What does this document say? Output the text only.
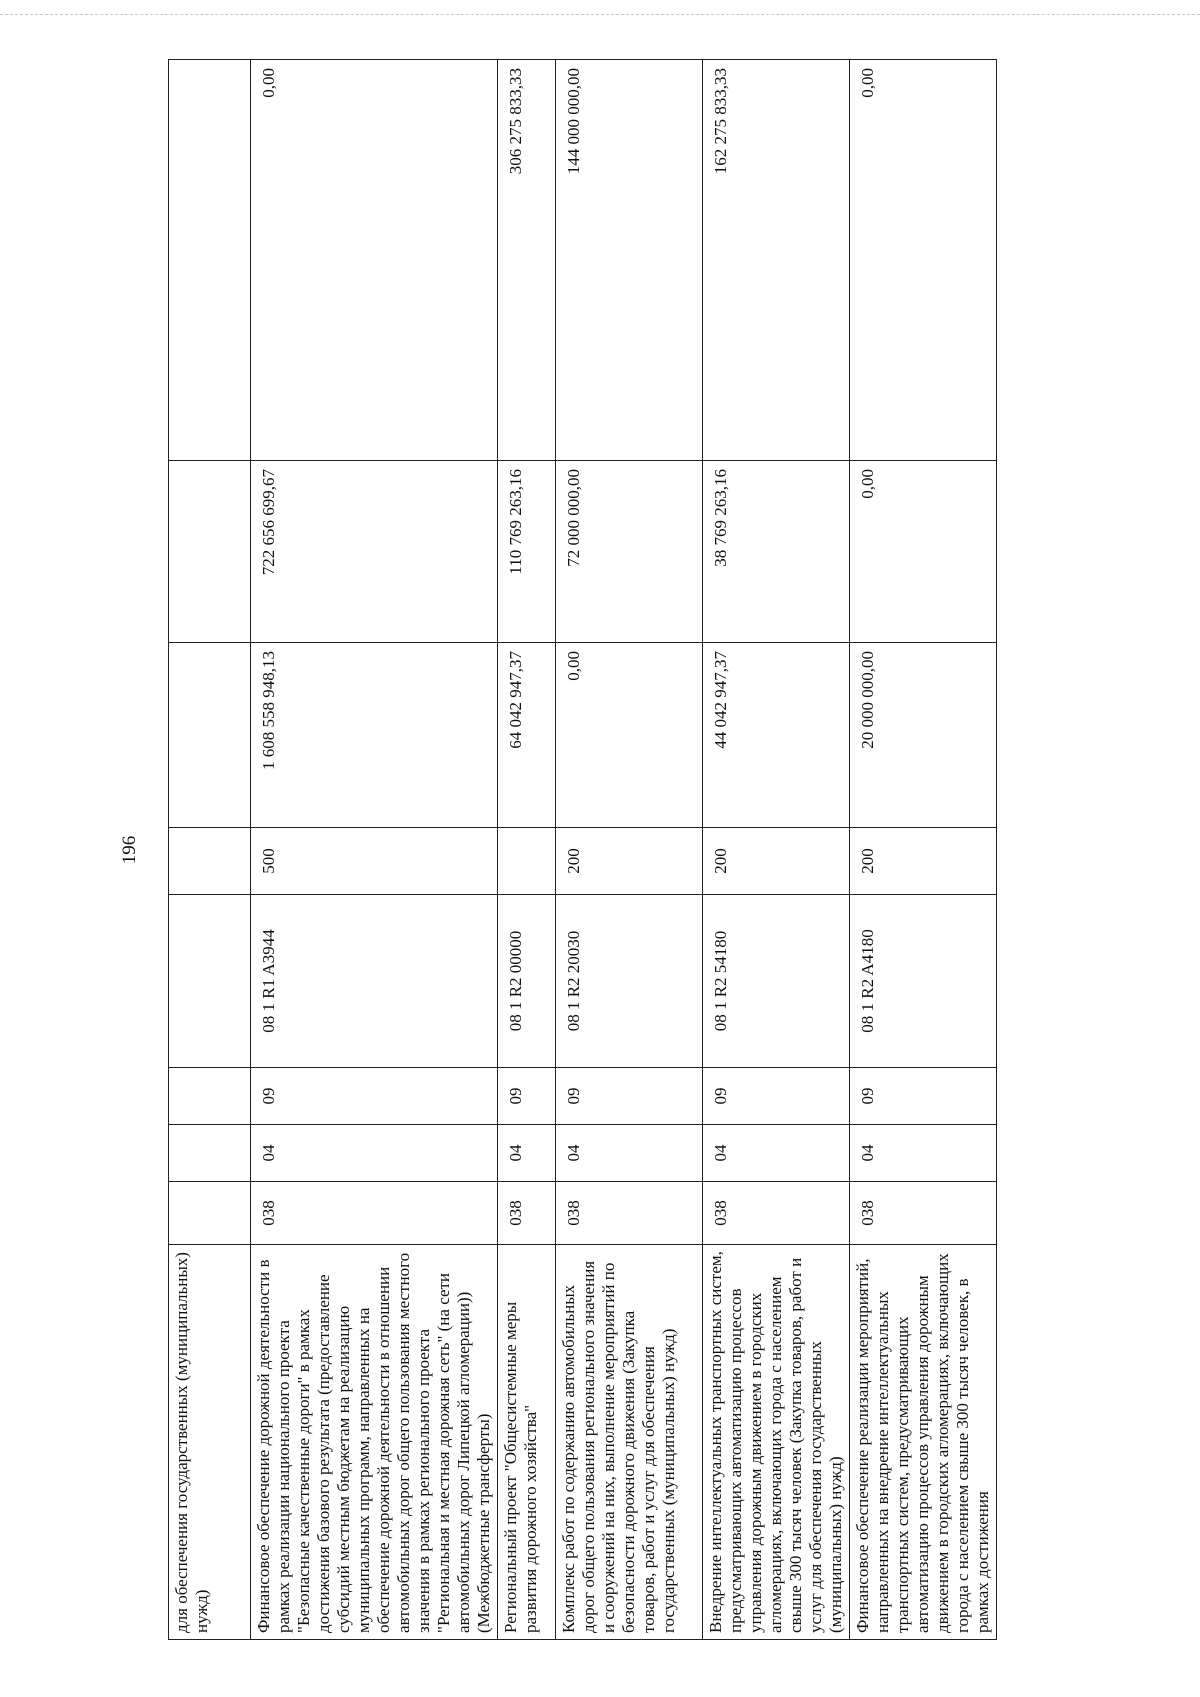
196
для обеспечения государственных (муниципальных) нужд)								
Финансовое обеспечение дорожной деятельности в рамках реализации национального проекта "Безопасные качественные дороги" в рамках достижения базового результата (предоставление субсидий местным бюджетам на реализацию муниципальных программ, направленных на обеспечение дорожной деятельности в отношении автомобильных дорог общего пользования местного значения в рамках регионального проекта "Региональная и местная дорожная сеть" (на сети автомобильных дорог Липецкой агломерации)) (Межбюджетные трансферты)	038	04	09	08 1 R1 A3944	500	1 608 558 948,13	722 656 699,67	0,00
Региональный проект "Общесистемные меры развития дорожного хозяйства"	038	04	09	08 1 R2 00000		64 042 947,37	110 769 263,16	306 275 833,33
Комплекс работ по содержанию автомобильных дорог общего пользования регионального значения и сооружений на них, выполнение мероприятий по безопасности дорожного движения (Закупка товаров, работ и услуг для обеспечения государственных (муниципальных) нужд)	038	04	09	08 1 R2 20030	200	0,00	72 000 000,00	144 000 000,00
Внедрение интеллектуальных транспортных систем, предусматривающих автоматизацию процессов управления дорожным движением в городских агломерациях, включающих города с населением свыше 300 тысяч человек (Закупка товаров, работ и услуг для обеспечения государственных (муниципальных) нужд)	038	04	09	08 1 R2 54180	200	44 042 947,37	38 769 263,16	162 275 833,33
Финансовое обеспечение реализации мероприятий, направленных на внедрение интеллектуальных транспортных систем, предусматривающих автоматизацию процессов управления дорожным движением в городских агломерациях, включающих города с населением свыше 300 тысяч человек, в рамках достижения	038	04	09	08 1 R2 A4180	200	20 000 000,00	0,00	0,00
